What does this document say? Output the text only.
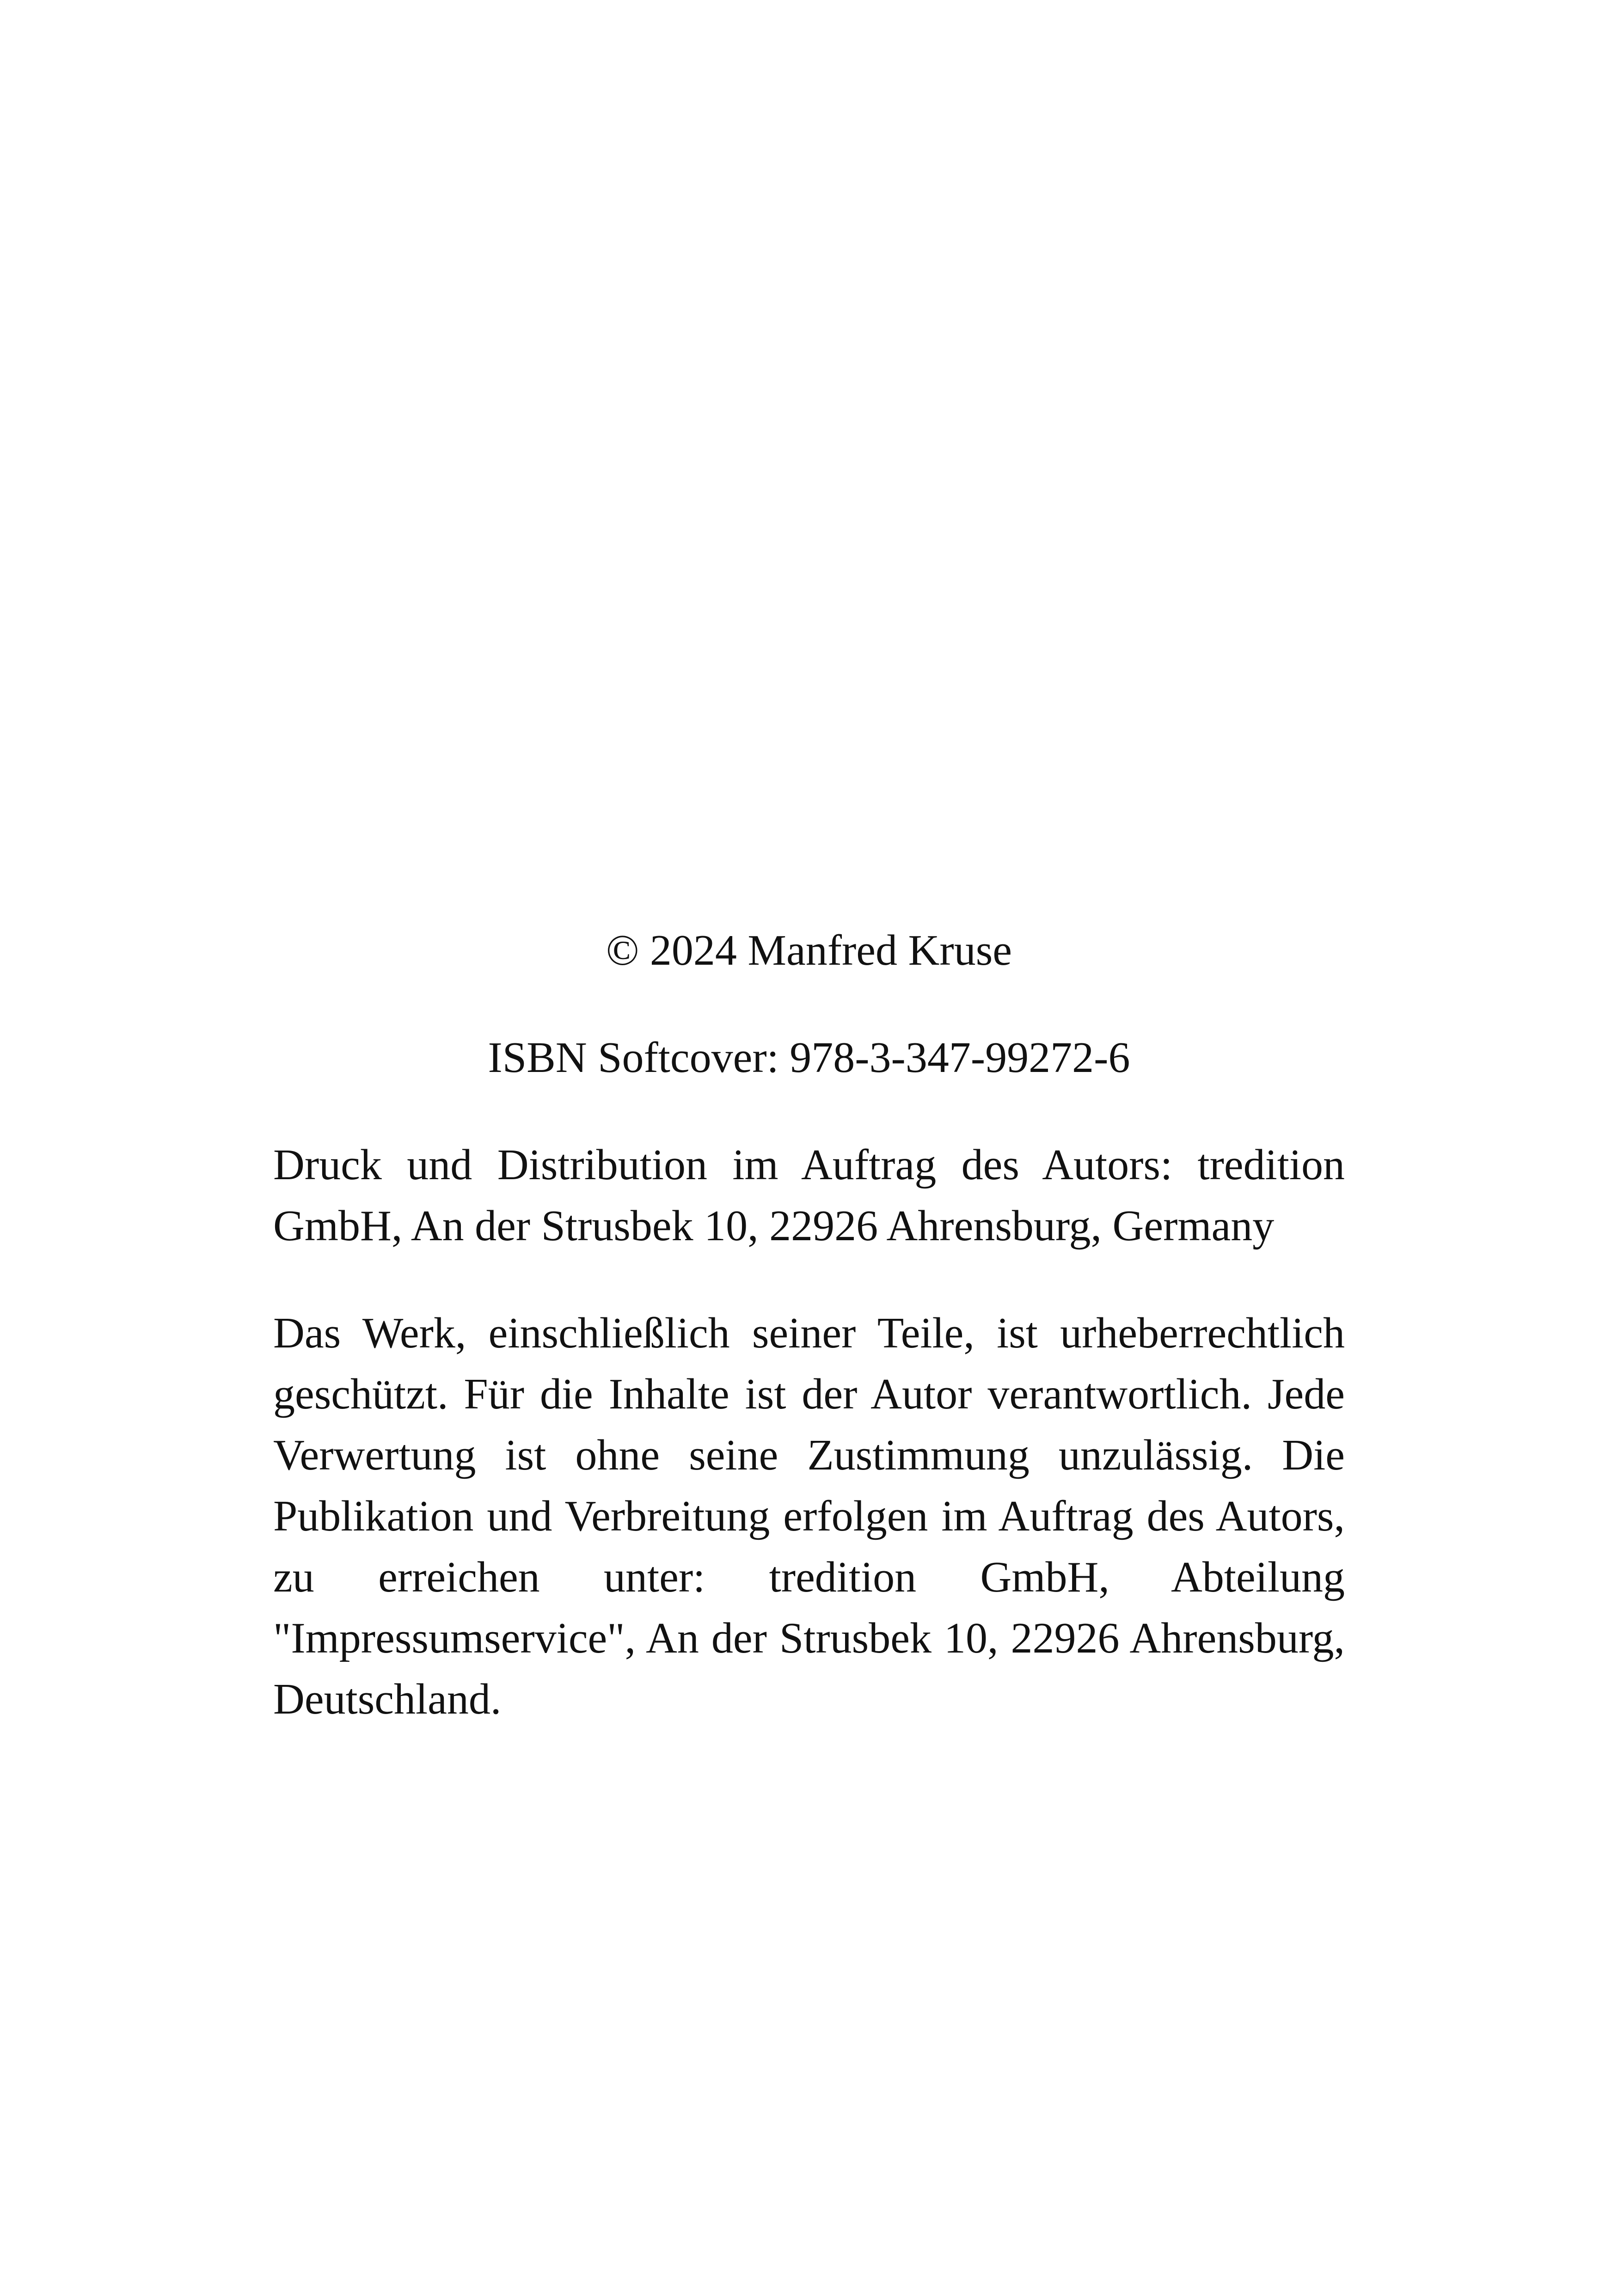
© 2024 Manfred Kruse

ISBN Softcover: 978-3-347-99272-6

Druck und Distribution im Auftrag des Autors: tredition GmbH, An der Strusbek 10, 22926 Ahrensburg, Germany

Das Werk, einschließlich seiner Teile, ist urheberrechtlich geschützt. Für die Inhalte ist der Autor verantwortlich. Jede Verwertung ist ohne seine Zustimmung unzulässig. Die Publikation und Verbreitung erfolgen im Auftrag des Autors, zu erreichen unter: tredition GmbH, Abteilung "Impressumservice", An der Strusbek 10, 22926 Ahrensburg, Deutschland.
